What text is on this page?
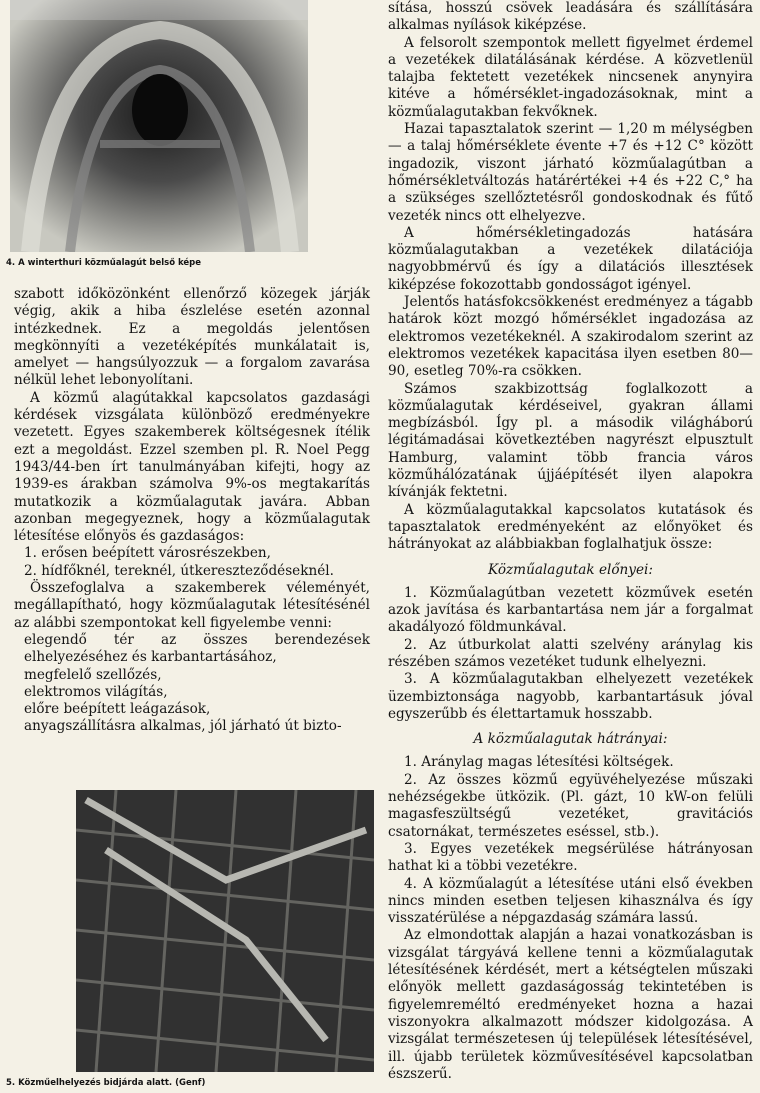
4. A winterthuri közműalagút belső képe

szabott időközönként ellenőrző közegek járják végig, akik a hiba észlelése esetén azonnal intézkednek. Ez a megoldás jelentősen megkönnyíti a vezetéképítés munkálatait is, amelyet — hangsúlyozzuk — a forgalom zavarása nélkül lehet lebonyolítani.

A közmű alagútakkal kapcsolatos gazdasági kérdések vizsgálata különböző eredményekre vezetett. Egyes szakemberek költségesnek ítélik ezt a megoldást. Ezzel szemben pl. R. Noel Pegg 1943/44-ben írt tanulmányában kifejti, hogy az 1939-es árakban számolva 9%-os megtakarítás mutatkozik a közműalagutak javára. Abban azonban megegyeznek, hogy a közműalagutak létesítése előnyös és gazdaságos:

1. erősen beépített városrészekben,

2. hídfőknél, tereknél, útkereszteződéseknél.

Összefoglalva a szakemberek véleményét, megállapítható, hogy közműalagutak létesítésénél az alábbi szempontokat kell figyelembe venni:

elegendő tér az összes berendezések elhelyezéséhez és karbantartásához,

megfelelő szellőzés,

elektromos világítás,

előre beépített leágazások,

anyagszállításra alkalmas, jól járható út bizto-

5. Közműelhelyezés bidjárda alatt. (Genf)

sítása, hosszú csövek leadására és szállítására alkalmas nyílások kiképzése.

A felsorolt szempontok mellett figyelmet érdemel a vezetékek dilatálásának kérdése. A közvetlenül talajba fektetett vezetékek nincsenek anynyira kitéve a hőmérséklet-ingadozásoknak, mint a közműalagutakban fekvőknek.

Hazai tapasztalatok szerint — 1,20 m mélységben — a talaj hőmérséklete évente +7 és +12 C° között ingadozik, viszont járható közműalagútban a hőmérsékletváltozás határértékei +4 és +22 C,° ha a szükséges szellőztetésről gondoskodnak és fűtő vezeték nincs ott elhelyezve.

A hőmérsékletingadozás hatására közműalagutakban a vezetékek dilatációja nagyobbmérvű és így a dilatációs illesztések kiképzése fokozottabb gondosságot igényel.

Jelentős hatásfokcsökkenést eredményez a tágabb határok közt mozgó hőmérséklet ingadozása az elektromos vezetékeknél. A szakirodalom szerint az elektromos vezetékek kapacitása ilyen esetben 80—90, esetleg 70%-ra csökken.

Számos szakbizottság foglalkozott a közműalagutak kérdéseivel, gyakran állami megbízásból. Így pl. a második világháború légitámadásai következtében nagyrészt elpusztult Hamburg, valamint több francia város közműhálózatának újjáépítését ilyen alapokra kívánják fektetni.

A közműalagutakkal kapcsolatos kutatások és tapasztalatok eredményeként az előnyöket és hátrányokat az alábbiakban foglalhatjuk össze:

Közműalagutak előnyei:

1. Közműalagútban vezetett közművek esetén azok javítása és karbantartása nem jár a forgalmat akadályozó földmunkával.

2. Az útburkolat alatti szelvény aránylag kis részében számos vezetéket tudunk elhelyezni.

3. A közműalagutakban elhelyezett vezetékek üzembiztonsága nagyobb, karbantartásuk jóval egyszerűbb és élettartamuk hosszabb.

A közműalagutak hátrányai:

1. Aránylag magas létesítési költségek.

2. Az összes közmű együvéhelyezése műszaki nehézségekbe ütközik. (Pl. gázt, 10 kW-on felüli magasfeszültségű vezetéket, gravitációs csatornákat, természetes eséssel, stb.).

3. Egyes vezetékek megsérülése hátrányosan hathat ki a többi vezetékre.

4. A közműalagút a létesítése utáni első években nincs minden esetben teljesen kihasználva és így visszatérülése a népgazdaság számára lassú.

Az elmondottak alapján a hazai vonatkozásban is vizsgálat tárgyává kellene tenni a közműalagutak létesítésének kérdését, mert a kétségtelen műszaki előnyök mellett gazdaságosság tekintetében is figyelemreméltó eredményeket hozna a hazai viszonyokra alkalmazott módszer kidolgozása. A vizsgálat természetesen új települések létesítésével, ill. újabb területek közművesítésével kapcsolatban észszerű.
